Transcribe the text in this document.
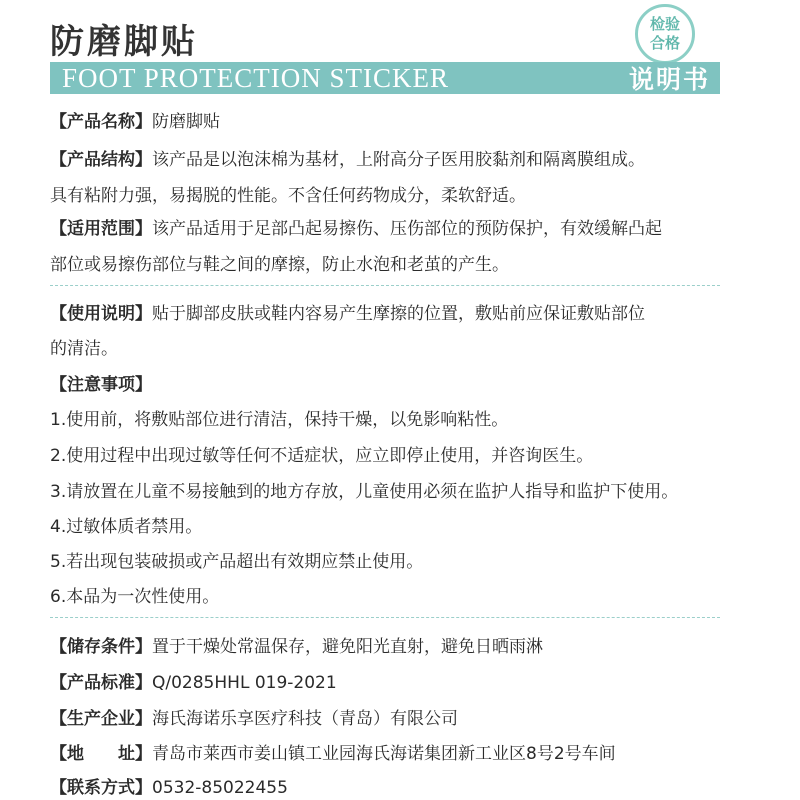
防磨脚贴	检验
合格
FOOT PROTECTION STICKER	说明书
【产品名称】防磨脚贴
【产品结构】该产品是以泡沫棉为基材，上附高分子医用胶黏剂和隔离膜组成。
具有粘附力强，易揭脱的性能。不含任何药物成分，柔软舒适。
【适用范围】该产品适用于足部凸起易擦伤、压伤部位的预防保护，有效缓解凸起
部位或易擦伤部位与鞋之间的摩擦，防止水泡和老茧的产生。
【使用说明】贴于脚部皮肤或鞋内容易产生摩擦的位置，敷贴前应保证敷贴部位
的清洁。
【注意事项】
1.使用前，将敷贴部位进行清洁，保持干燥，以免影响粘性。
2.使用过程中出现过敏等任何不适症状，应立即停止使用，并咨询医生。
3.请放置在儿童不易接触到的地方存放，儿童使用必须在监护人指导和监护下使用。
4.过敏体质者禁用。
5.若出现包装破损或产品超出有效期应禁止使用。
6.本品为一次性使用。
【储存条件】置于干燥处常温保存，避免阳光直射，避免日晒雨淋
【产品标准】Q/0285HHL 019-2021
【生产企业】海氏海诺乐享医疗科技（青岛）有限公司
【地　　址】青岛市莱西市姜山镇工业园海氏海诺集团新工业区8号2号车间
【联系方式】0532-85022455
